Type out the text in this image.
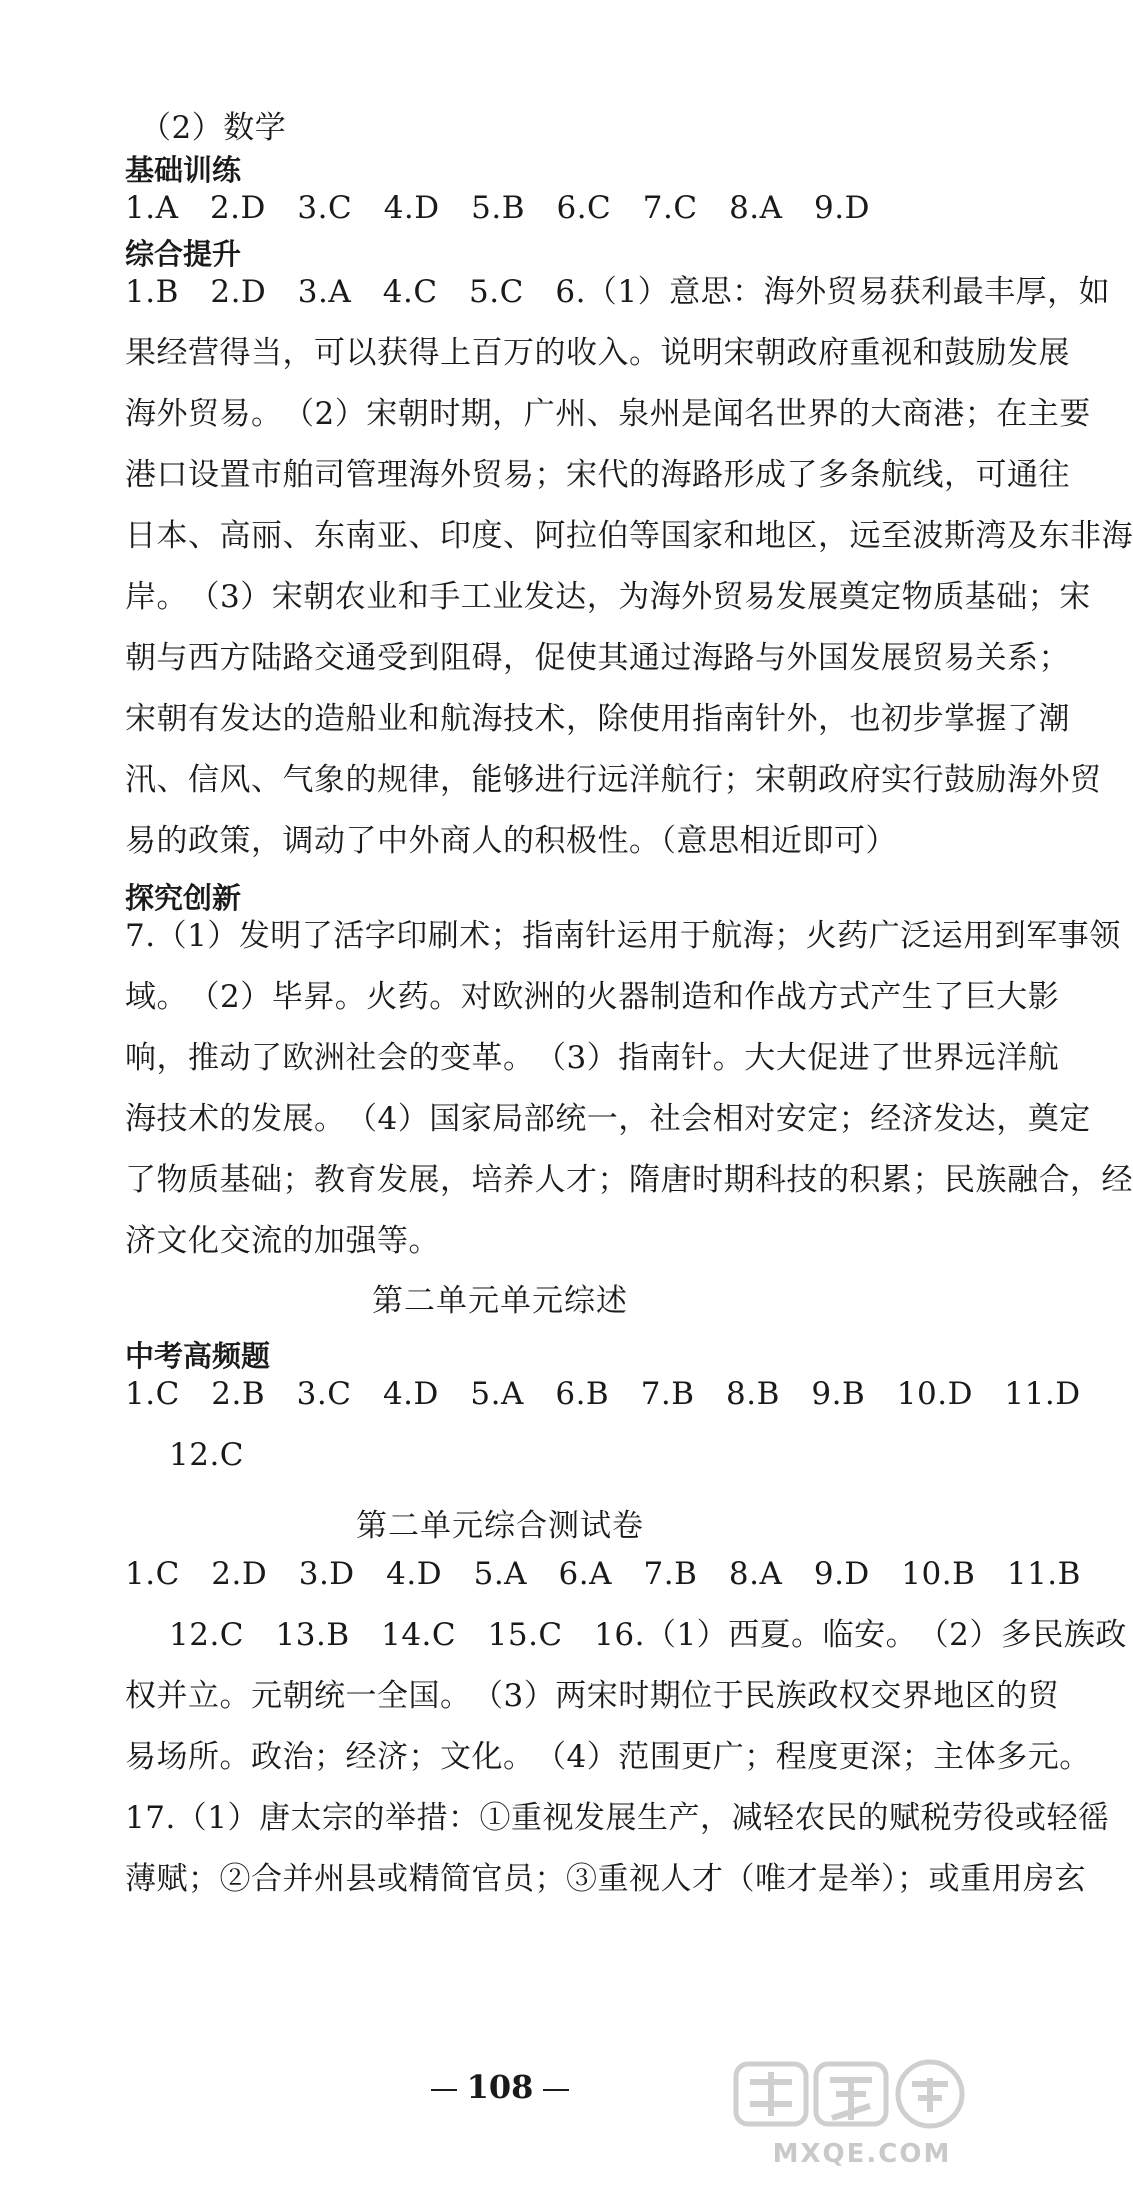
（2）数学
基础训练
1.A　2.D　3.C　4.D　5.B　6.C　7.C　8.A　9.D
综合提升
1.B　2.D　3.A　4.C　5.C　6.（1）意思：海外贸易获利最丰厚，如
果经营得当，可以获得上百万的收入。说明宋朝政府重视和鼓励发展
海外贸易。　（2）宋朝时期，广州、泉州是闻名世界的大商港；在主要
港口设置市舶司管理海外贸易；宋代的海路形成了多条航线，可通往
日本、高丽、东南亚、印度、阿拉伯等国家和地区，远至波斯湾及东非海
岸。　（3）宋朝农业和手工业发达，为海外贸易发展奠定物质基础；宋
朝与西方陆路交通受到阻碍，促使其通过海路与外国发展贸易关系；
宋朝有发达的造船业和航海技术，除使用指南针外，也初步掌握了潮
汛、信风、气象的规律，能够进行远洋航行；宋朝政府实行鼓励海外贸
易的政策，调动了中外商人的积极性。（意思相近即可）
探究创新
7.（1）发明了活字印刷术；指南针运用于航海；火药广泛运用到军事领
域。　（2）毕昇。火药。对欧洲的火器制造和作战方式产生了巨大影
响，推动了欧洲社会的变革。　（3）指南针。大大促进了世界远洋航
海技术的发展。　（4）国家局部统一，社会相对安定；经济发达，奠定
了物质基础；教育发展，培养人才；隋唐时期科技的积累；民族融合，经
济文化交流的加强等。
第二单元单元综述
中考高频题
1.C　2.B　3.C　4.D　5.A　6.B　7.B　8.B　9.B　10.D　11.D
12.C
第二单元综合测试卷
1.C　2.D　3.D　4.D　5.A　6.A　7.B　8.A　9.D　10.B　11.B
12.C　13.B　14.C　15.C　16.（1）西夏。临安。　（2）多民族政
权并立。元朝统一全国。　（3）两宋时期位于民族政权交界地区的贸
易场所。政治；经济；文化。　（4）范围更广；程度更深；主体多元。
17.（1）唐太宗的举措：①重视发展生产，减轻农民的赋税劳役或轻徭
薄赋；②合并州县或精简官员；③重视人才（唯才是举）；或重用房玄
108
MXQE.COM
